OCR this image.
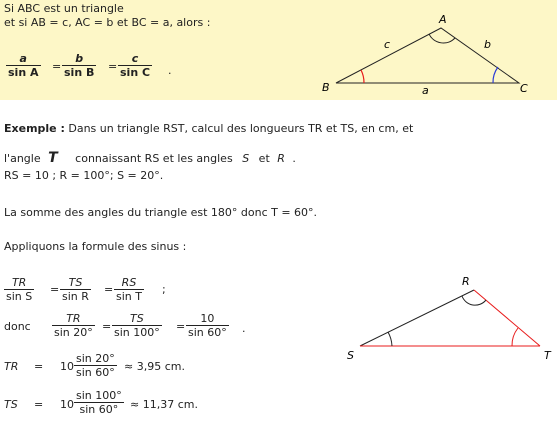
Si ABC est un triangle
et si AB = c, AC = b et BC = a, alors :
$\frac{a}{\text{sin A}} = \frac{b}{\text{sin B}} = \frac{c}{\text{sin C}}$ .
A
B	C
a
b
c
Exemple : Dans un triangle RST, calcul des longueurs TR et TS, en cm, et
l'angle T connaissant RS et les angles S et R .
RS = 10 ; R = 100°; S = 20°.
La somme des angles du triangle est 180° donc T = 60°.
Appliquons la formule des sinus :
$\frac{TR}{\text{sin S}} = \frac{TS}{\text{sin R}} = \frac{RS}{\text{sin T}}$ ;
donc $\frac{TR}{\sin 20^\circ} = \frac{TS}{\sin 100^\circ} = \frac{10}{\sin 60^\circ}$ .
TR = $10 \frac{\sin 20^\circ}{\sin 60^\circ} \approx 3,95$ cm.
TS = $10 \frac{\sin 100^\circ}{\sin 60^\circ} \approx 11,37$ cm.
R
S	T
